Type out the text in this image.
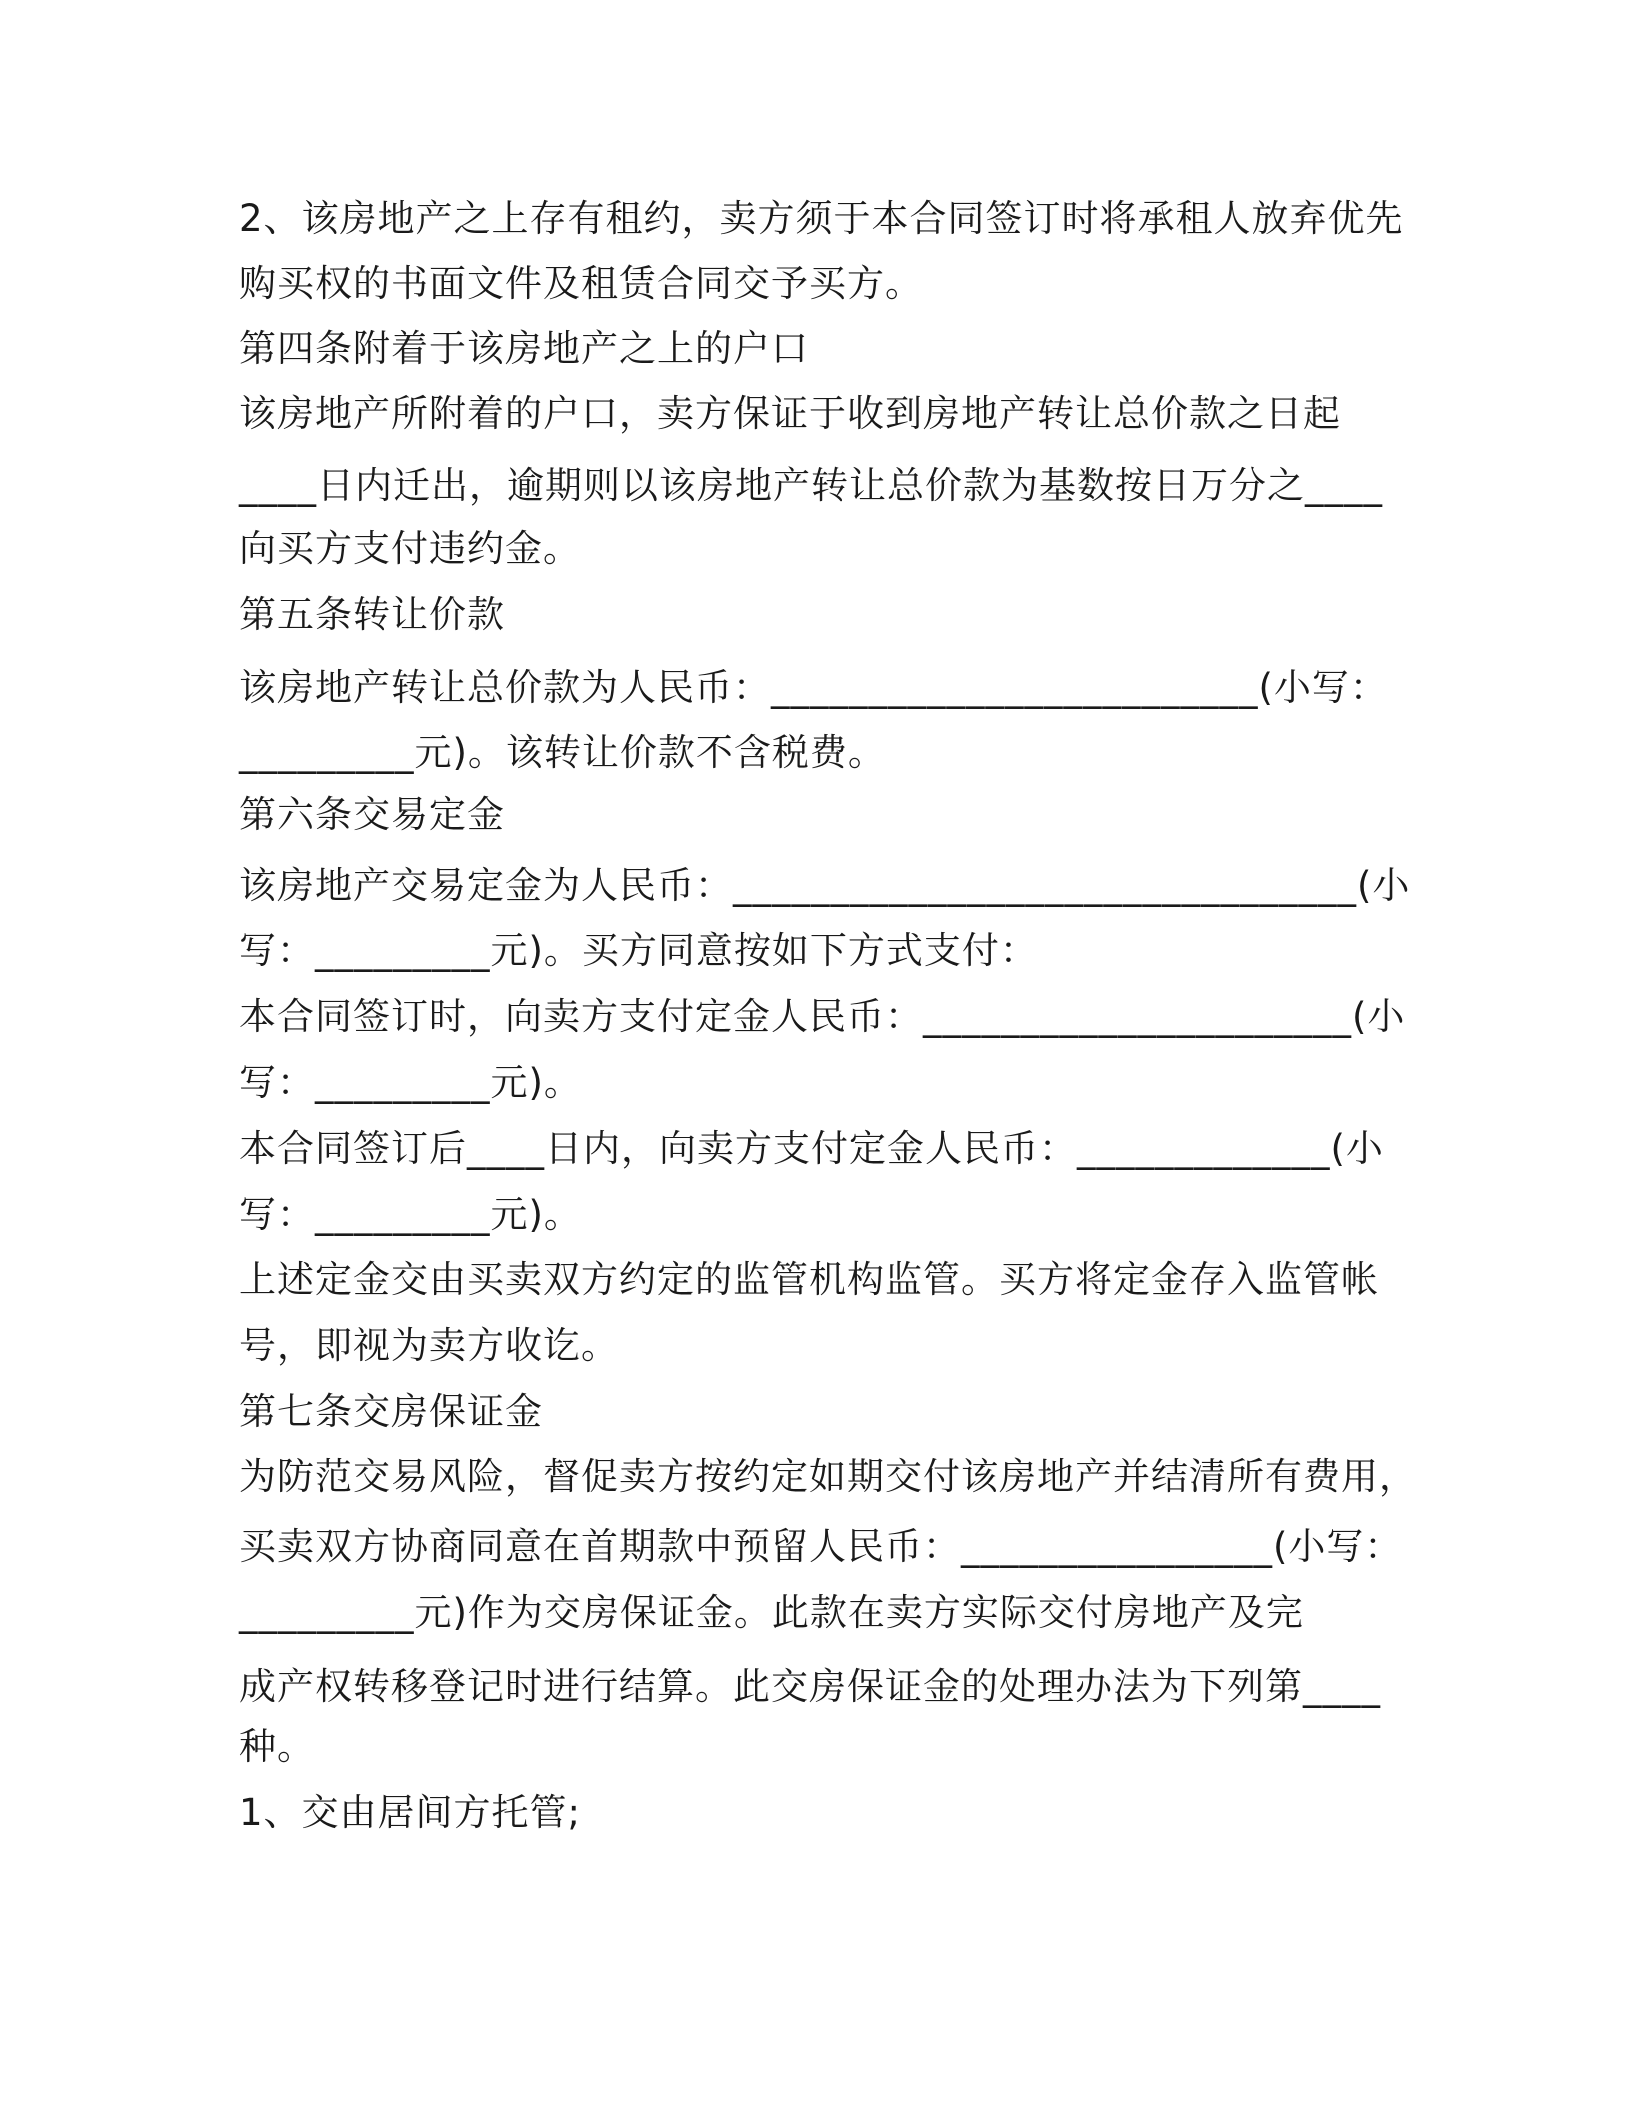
2、该房地产之上存有租约，卖方须于本合同签订时将承租人放弃优先
购买权的书面文件及租赁合同交予买方。
第四条附着于该房地产之上的户口
该房地产所附着的户口，卖方保证于收到房地产转让总价款之日起
____日内迁出，逾期则以该房地产转让总价款为基数按日万分之____
向买方支付违约金。
第五条转让价款
该房地产转让总价款为人民币：_________________________(小写：
_________元)。该转让价款不含税费。
第六条交易定金
该房地产交易定金为人民币：________________________________(小
写：_________元)。买方同意按如下方式支付：
本合同签订时，向卖方支付定金人民币：______________________(小
写：_________元)。
本合同签订后____日内，向卖方支付定金人民币：_____________(小
写：_________元)。
上述定金交由买卖双方约定的监管机构监管。买方将定金存入监管帐
号，即视为卖方收讫。
第七条交房保证金
为防范交易风险，督促卖方按约定如期交付该房地产并结清所有费用，
买卖双方协商同意在首期款中预留人民币：________________(小写：
_________元)作为交房保证金。此款在卖方实际交付房地产及完
成产权转移登记时进行结算。此交房保证金的处理办法为下列第____
种。
1、交由居间方托管;
